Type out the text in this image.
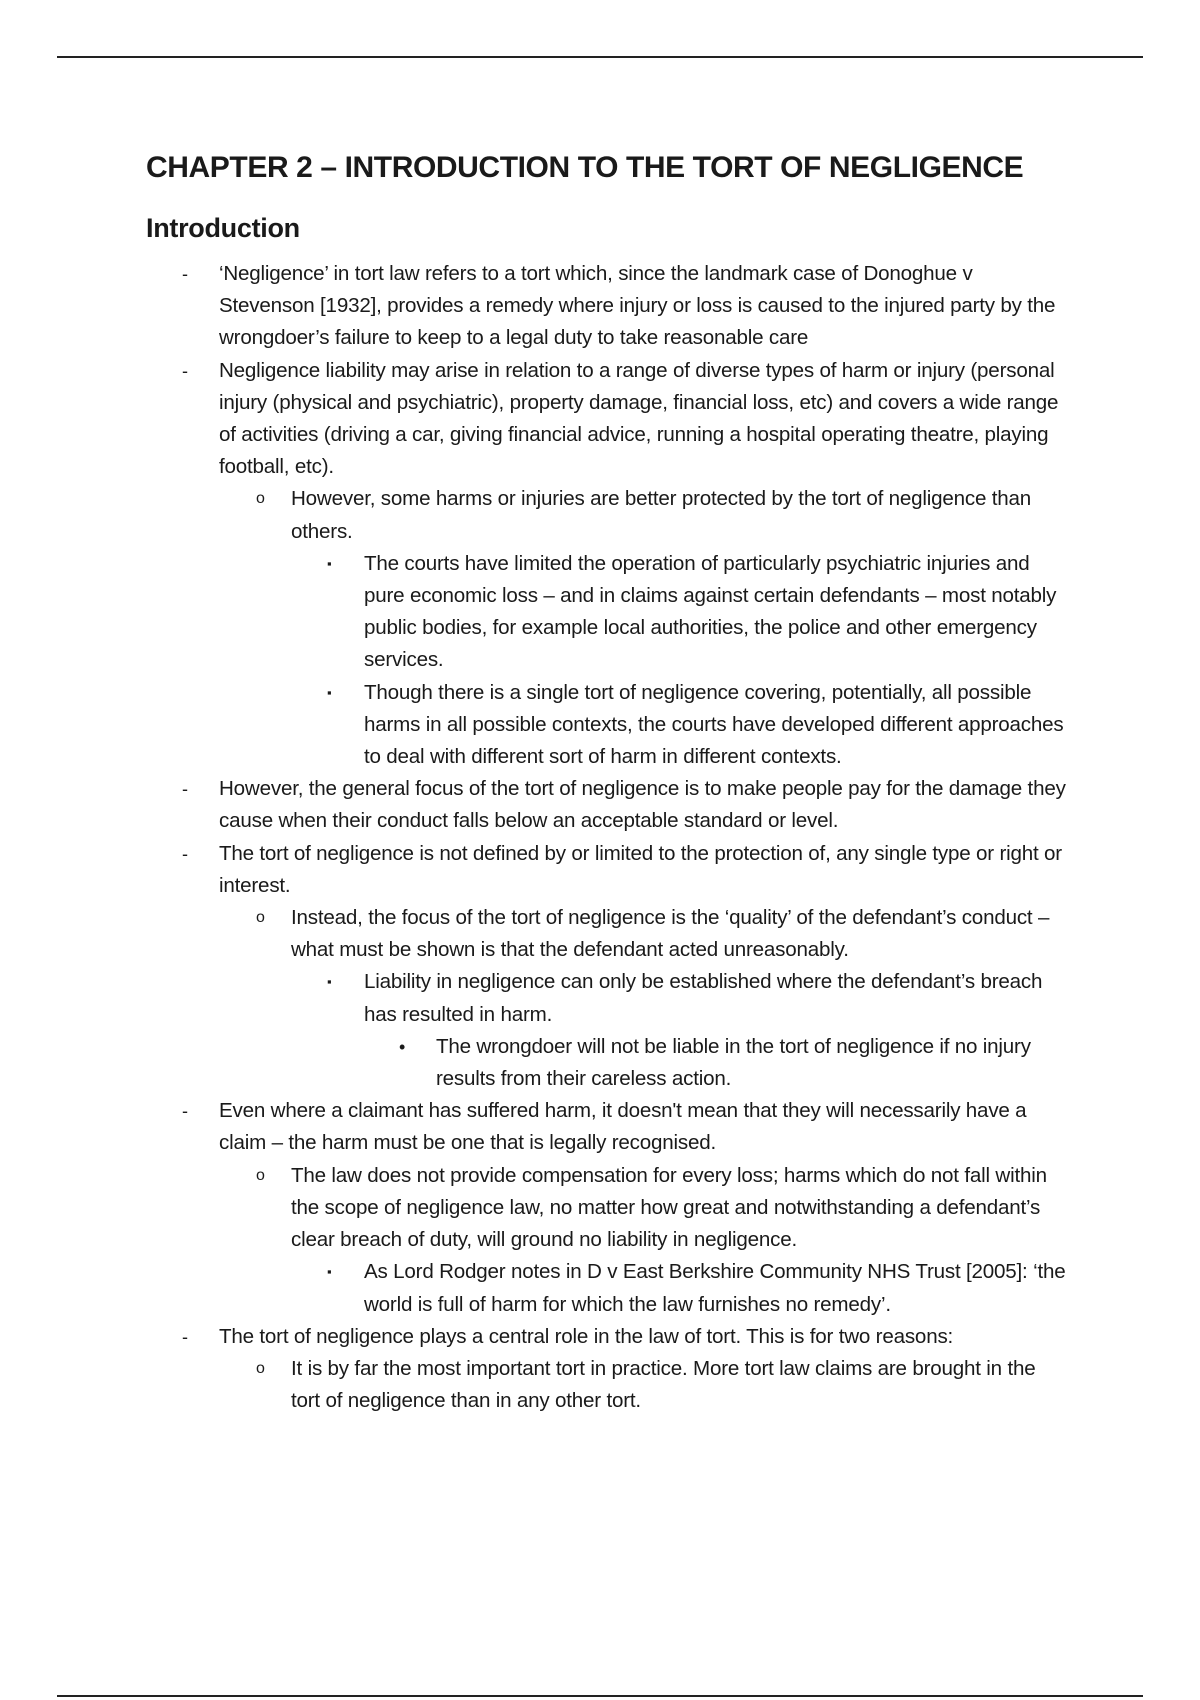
CHAPTER 2 – INTRODUCTION TO THE TORT OF NEGLIGENCE
Introduction
- ‘Negligence’ in tort law refers to a tort which, since the landmark case of Donoghue v Stevenson [1932], provides a remedy where injury or loss is caused to the injured party by the wrongdoer’s failure to keep to a legal duty to take reasonable care
- Negligence liability may arise in relation to a range of diverse types of harm or injury (personal injury (physical and psychiatric), property damage, financial loss, etc) and covers a wide range of activities (driving a car, giving financial advice, running a hospital operating theatre, playing football, etc).
o However, some harms or injuries are better protected by the tort of negligence than others.
▪ The courts have limited the operation of particularly psychiatric injuries and pure economic loss – and in claims against certain defendants – most notably public bodies, for example local authorities, the police and other emergency services.
▪ Though there is a single tort of negligence covering, potentially, all possible harms in all possible contexts, the courts have developed different approaches to deal with different sort of harm in different contexts.
- However, the general focus of the tort of negligence is to make people pay for the damage they cause when their conduct falls below an acceptable standard or level.
- The tort of negligence is not defined by or limited to the protection of, any single type or right or interest.
o Instead, the focus of the tort of negligence is the ‘quality’ of the defendant’s conduct – what must be shown is that the defendant acted unreasonably.
▪ Liability in negligence can only be established where the defendant’s breach has resulted in harm.
• The wrongdoer will not be liable in the tort of negligence if no injury results from their careless action.
- Even where a claimant has suffered harm, it doesn't mean that they will necessarily have a claim – the harm must be one that is legally recognised.
o The law does not provide compensation for every loss; harms which do not fall within the scope of negligence law, no matter how great and notwithstanding a defendant’s clear breach of duty, will ground no liability in negligence.
▪ As Lord Rodger notes in D v East Berkshire Community NHS Trust [2005]: ‘the world is full of harm for which the law furnishes no remedy’.
- The tort of negligence plays a central role in the law of tort. This is for two reasons:
o It is by far the most important tort in practice. More tort law claims are brought in the tort of negligence than in any other tort.
